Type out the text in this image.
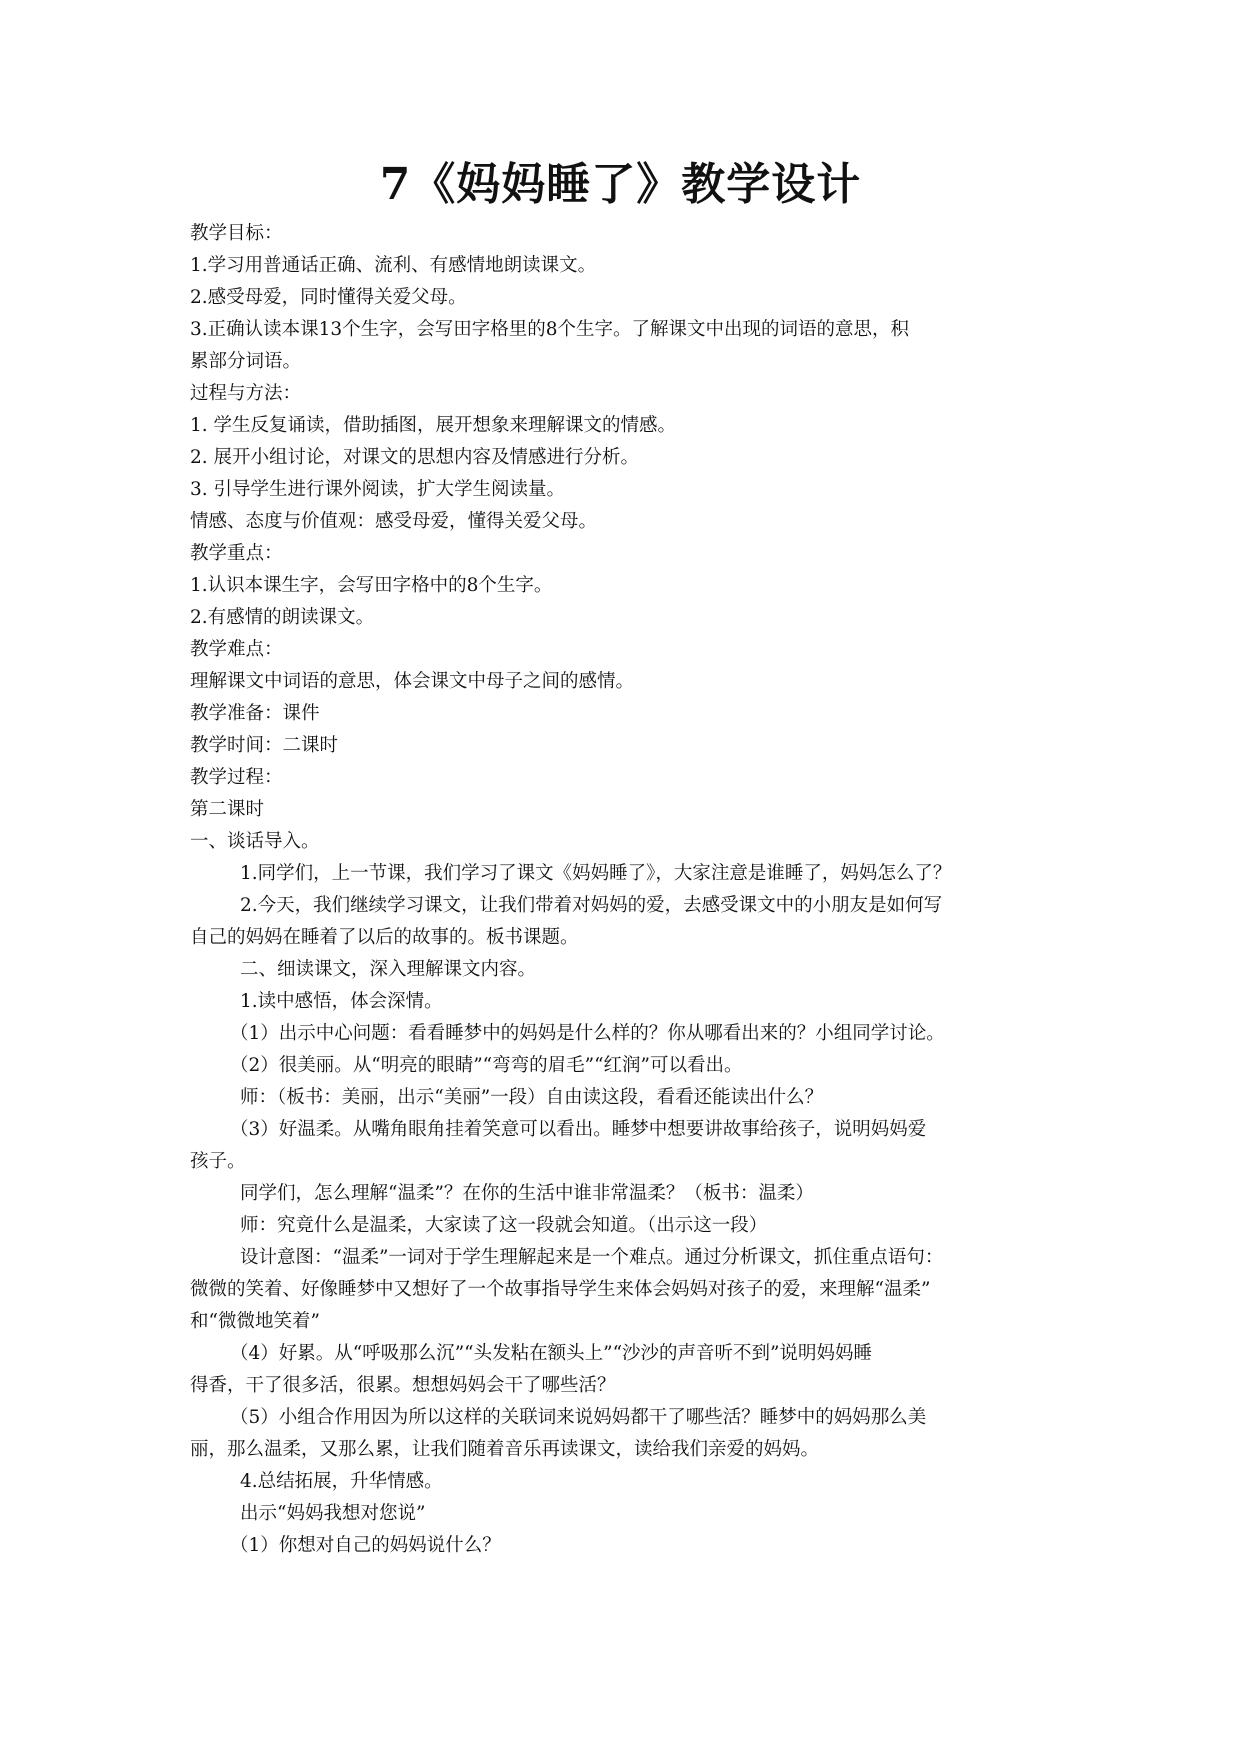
7《妈妈睡了》教学设计
教学目标：
1.学习用普通话正确、流利、有感情地朗读课文。
2.感受母爱，同时懂得关爱父母。
3.正确认读本课13个生字，会写田字格里的8个生字。了解课文中出现的词语的意思，积
累部分词语。
过程与方法：
1. 学生反复诵读，借助插图，展开想象来理解课文的情感。
2. 展开小组讨论，对课文的思想内容及情感进行分析。
3. 引导学生进行课外阅读，扩大学生阅读量。
情感、态度与价值观：感受母爱，懂得关爱父母。
教学重点：
1.认识本课生字，会写田字格中的8个生字。
2.有感情的朗读课文。
教学难点：
理解课文中词语的意思，体会课文中母子之间的感情。
教学准备：课件
教学时间：二课时
教学过程：
第二课时
一、谈话导入。
1.同学们，上一节课，我们学习了课文《妈妈睡了》，大家注意是谁睡了，妈妈怎么了？
2.今天，我们继续学习课文，让我们带着对妈妈的爱，去感受课文中的小朋友是如何写
自己的妈妈在睡着了以后的故事的。板书课题。
二、细读课文，深入理解课文内容。
1.读中感悟，体会深情。
（1）出示中心问题：看看睡梦中的妈妈是什么样的？你从哪看出来的？小组同学讨论。
（2）很美丽。从“明亮的眼睛”“弯弯的眉毛”“红润”可以看出。
师：（板书：美丽，出示“美丽”一段）自由读这段，看看还能读出什么？
（3）好温柔。从嘴角眼角挂着笑意可以看出。睡梦中想要讲故事给孩子，说明妈妈爱
孩子。
同学们，怎么理解“温柔”？在你的生活中谁非常温柔？（板书：温柔）
师：究竟什么是温柔，大家读了这一段就会知道。（出示这一段）
设计意图：“温柔”一词对于学生理解起来是一个难点。通过分析课文，抓住重点语句：
微微的笑着、好像睡梦中又想好了一个故事指导学生来体会妈妈对孩子的爱，来理解“温柔”
和“微微地笑着”
（4）好累。从“呼吸那么沉”“头发粘在额头上”“沙沙的声音听不到”说明妈妈睡
得香，干了很多活，很累。想想妈妈会干了哪些活？
（5）小组合作用因为所以这样的关联词来说妈妈都干了哪些活？睡梦中的妈妈那么美
丽，那么温柔，又那么累，让我们随着音乐再读课文，读给我们亲爱的妈妈。
4.总结拓展，升华情感。
出示“妈妈我想对您说”
（1）你想对自己的妈妈说什么？
